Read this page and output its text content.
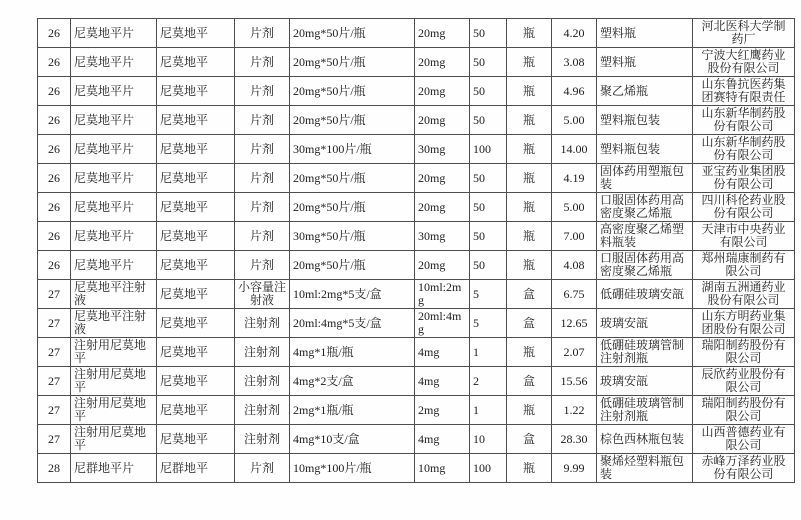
26	尼莫地平片	尼莫地平	片剂	20mg*50片/瓶	20mg	50	瓶	4.20	塑料瓶	河北医科大学制药厂
26	尼莫地平片	尼莫地平	片剂	20mg*50片/瓶	20mg	50	瓶	3.08	塑料瓶	宁波大红鹰药业股份有限公司
26	尼莫地平片	尼莫地平	片剂	20mg*50片/瓶	20mg	50	瓶	4.96	聚乙烯瓶	山东鲁抗医药集团赛特有限责任
26	尼莫地平片	尼莫地平	片剂	20mg*50片/瓶	20mg	50	瓶	5.00	塑料瓶包装	山东新华制药股份有限公司
26	尼莫地平片	尼莫地平	片剂	30mg*100片/瓶	30mg	100	瓶	14.00	塑料瓶包装	山东新华制药股份有限公司
26	尼莫地平片	尼莫地平	片剂	20mg*50片/瓶	20mg	50	瓶	4.19	固体药用塑瓶包装	亚宝药业集团股份有限公司
26	尼莫地平片	尼莫地平	片剂	20mg*50片/瓶	20mg	50	瓶	5.00	口服固体药用高密度聚乙烯瓶	四川科伦药业股份有限公司
26	尼莫地平片	尼莫地平	片剂	30mg*50片/瓶	30mg	50	瓶	7.00	高密度聚乙烯塑料瓶装	天津市中央药业有限公司
26	尼莫地平片	尼莫地平	片剂	20mg*50片/瓶	20mg	50	瓶	4.08	口服固体药用高密度聚乙烯瓶	郑州瑞康制药有限公司
27	尼莫地平注射液	尼莫地平	小容量注射液	10ml:2mg*5支/盒	10ml:2mg	5	盒	6.75	低硼硅玻璃安瓿	湖南五洲通药业股份有限公司
27	尼莫地平注射液	尼莫地平	注射剂	20ml:4mg*5支/盒	20ml:4mg	5	盒	12.65	玻璃安瓿	山东方明药业集团股份有限公司
27	注射用尼莫地平	尼莫地平	注射剂	4mg*1瓶/瓶	4mg	1	瓶	2.07	低硼硅玻璃管制注射剂瓶	瑞阳制药股份有限公司
27	注射用尼莫地平	尼莫地平	注射剂	4mg*2支/盒	4mg	2	盒	15.56	玻璃安瓿	辰欣药业股份有限公司
27	注射用尼莫地平	尼莫地平	注射剂	2mg*1瓶/瓶	2mg	1	瓶	1.22	低硼硅玻璃管制注射剂瓶	瑞阳制药股份有限公司
27	注射用尼莫地平	尼莫地平	注射剂	4mg*10支/盒	4mg	10	盒	28.30	棕色西林瓶包装	山西普德药业有限公司
28	尼群地平片	尼群地平	片剂	10mg*100片/瓶	10mg	100	瓶	9.99	聚烯烃塑料瓶包装	赤峰万泽药业股份有限公司
